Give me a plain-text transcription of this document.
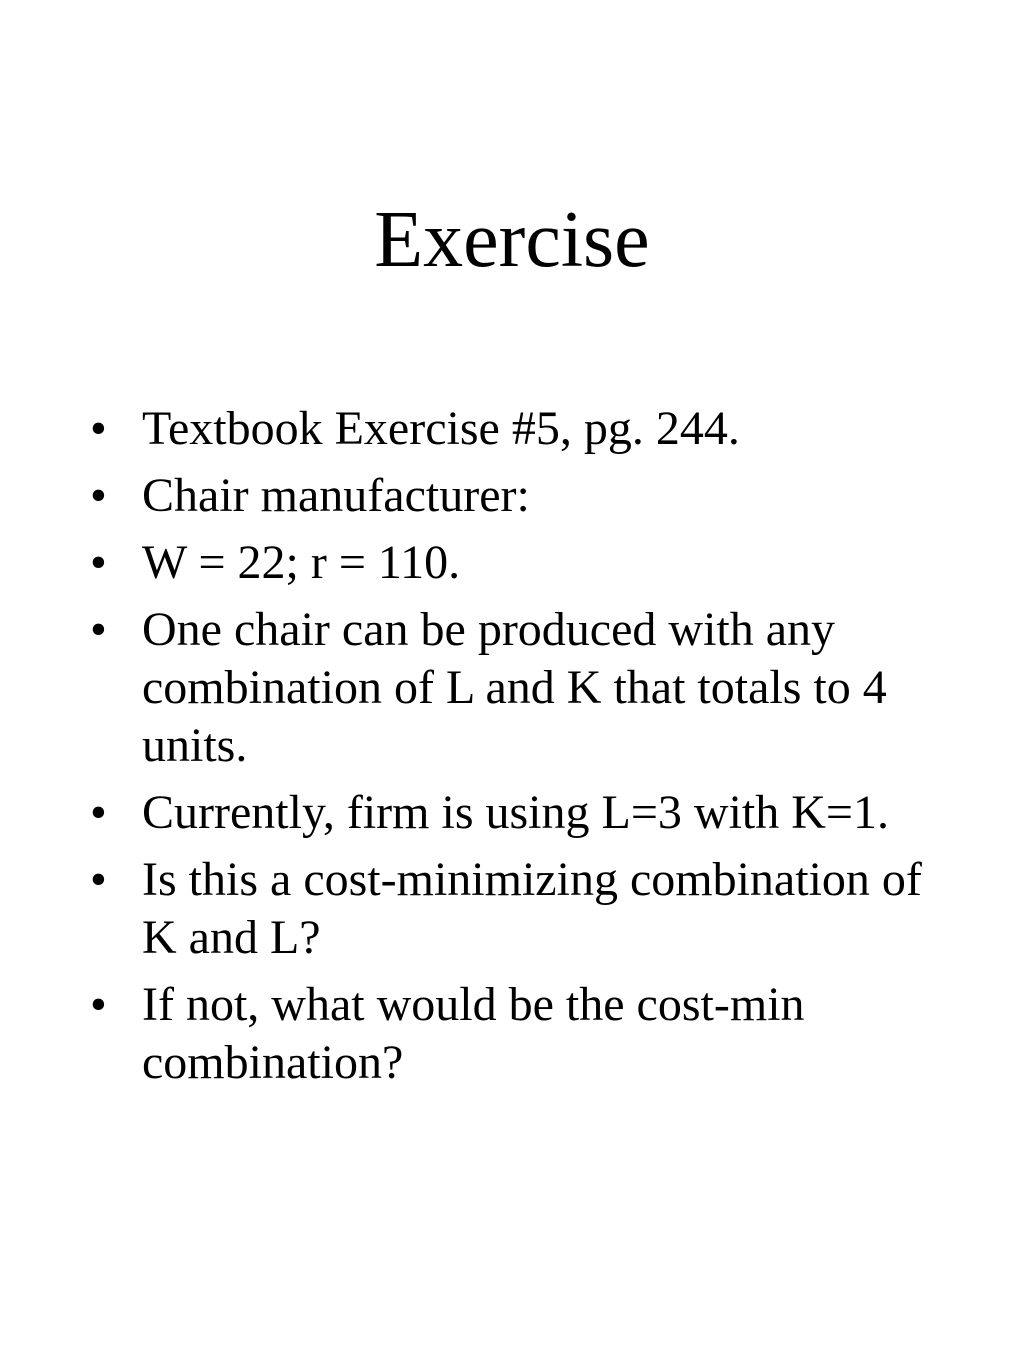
Exercise
• Textbook Exercise #5, pg. 244.
• Chair manufacturer:
• W = 22; r = 110.
• One chair can be produced with any combination of L and K that totals to 4 units.
• Currently, firm is using L=3 with K=1.
• Is this a cost-minimizing combination of K and L?
• If not, what would be the cost-min combination?
